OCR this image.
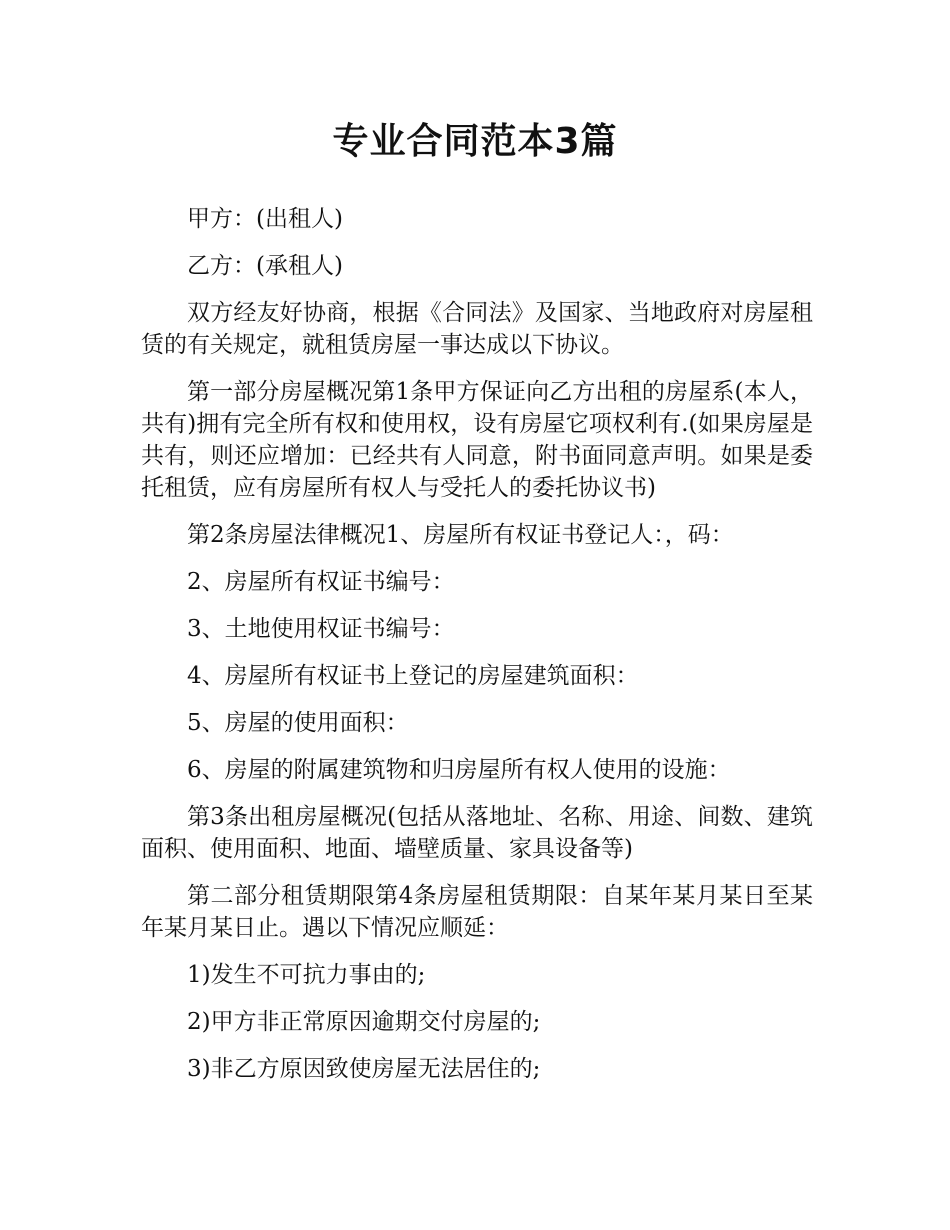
专业合同范本3篇

甲方：(出租人)

乙方：(承租人)

双方经友好协商，根据《合同法》及国家、当地政府对房屋租赁的有关规定，就租赁房屋一事达成以下协议。

第一部分房屋概况第1条甲方保证向乙方出租的房屋系(本人，共有)拥有完全所有权和使用权，设有房屋它项权利有.(如果房屋是共有，则还应增加：已经共有人同意，附书面同意声明。如果是委托租赁，应有房屋所有权人与受托人的委托协议书)

第2条房屋法律概况1、房屋所有权证书登记人：，码：

2、房屋所有权证书编号：

3、土地使用权证书编号：

4、房屋所有权证书上登记的房屋建筑面积：

5、房屋的使用面积：

6、房屋的附属建筑物和归房屋所有权人使用的设施：

第3条出租房屋概况(包括从落地址、名称、用途、间数、建筑面积、使用面积、地面、墙壁质量、家具设备等)

第二部分租赁期限第4条房屋租赁期限：自某年某月某日至某年某月某日止。遇以下情况应顺延：

1)发生不可抗力事由的;

2)甲方非正常原因逾期交付房屋的;

3)非乙方原因致使房屋无法居住的;
